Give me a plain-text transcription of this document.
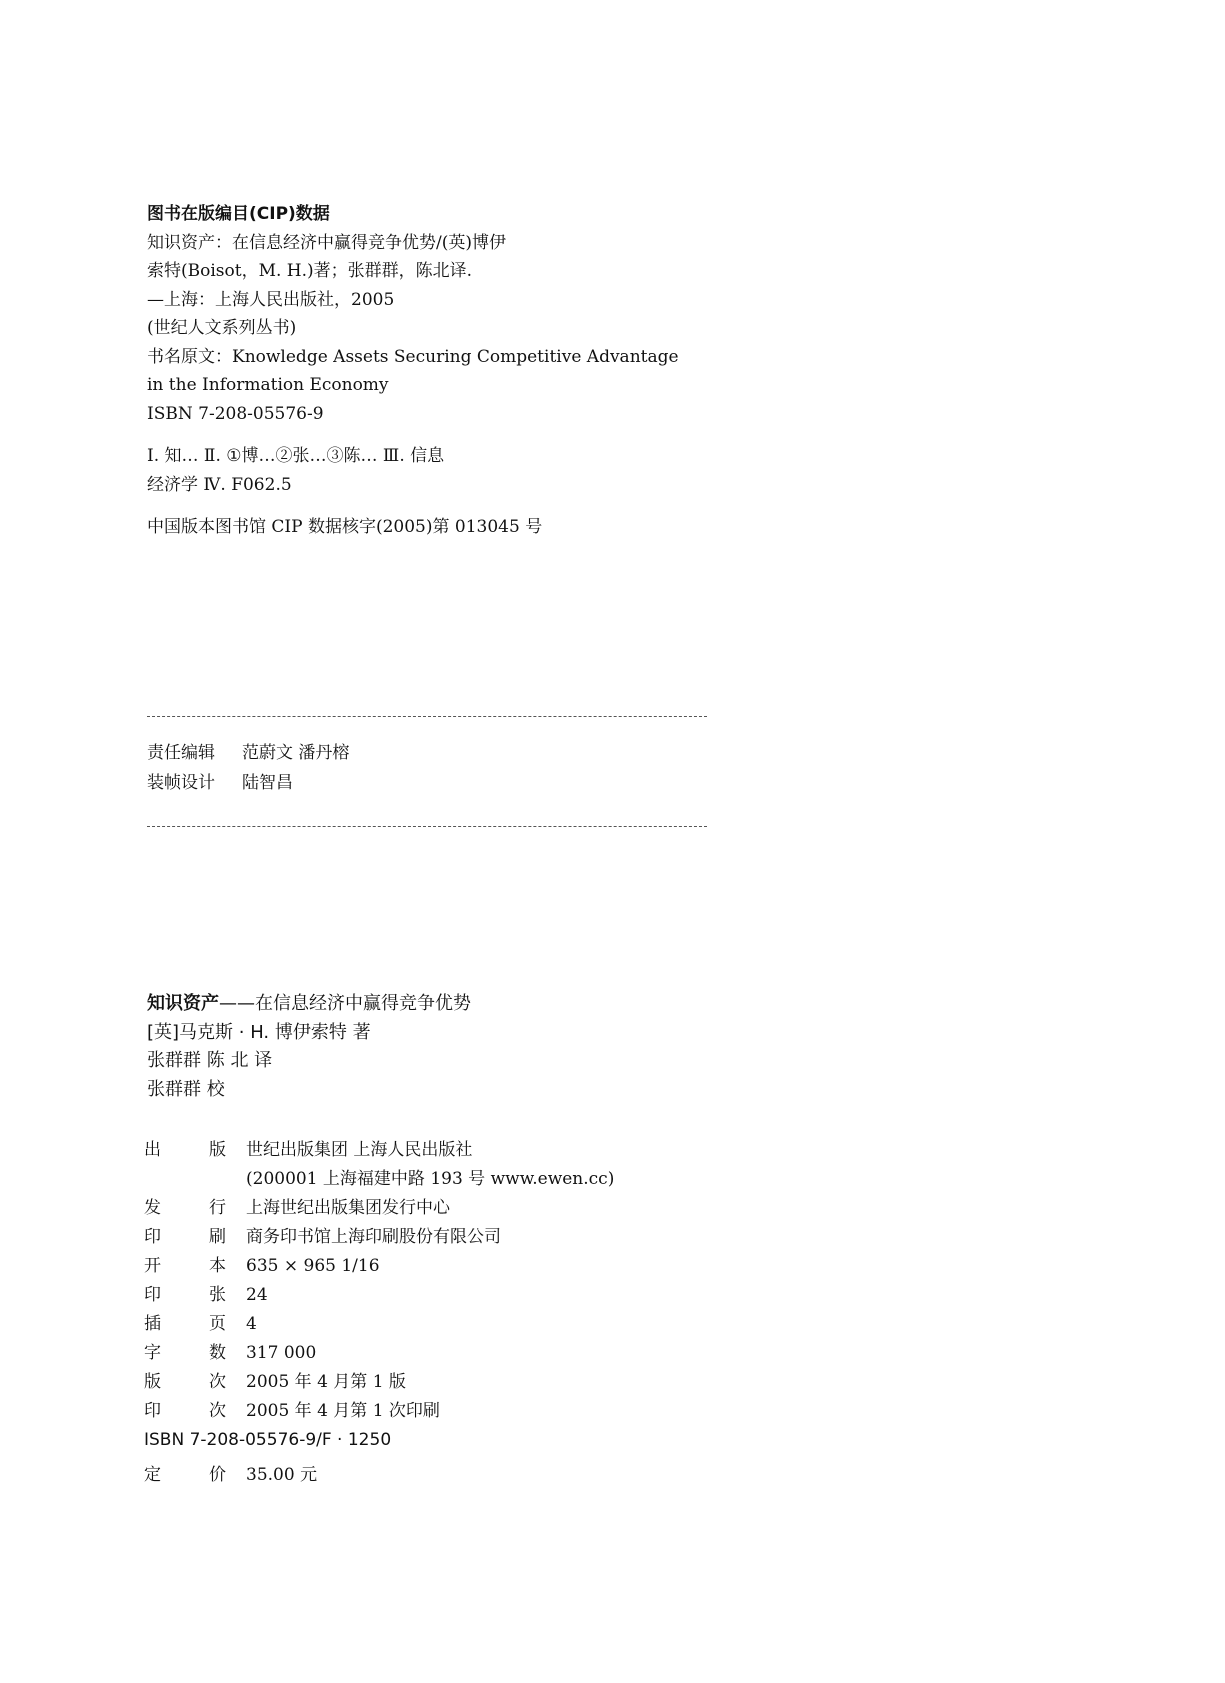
图书在版编目(CIP)数据
知识资产：在信息经济中赢得竞争优势/(英)博伊
索特(Boisot，M. H.)著；张群群，陈北译.
—上海：上海人民出版社，2005
(世纪人文系列丛书)
书名原文：Knowledge Assets Securing Competitive Advantage
in the Information Economy
ISBN 7-208-05576-9
Ⅰ. 知… Ⅱ. ①博…②张…③陈… Ⅲ. 信息
经济学 Ⅳ. F062.5
中国版本图书馆 CIP 数据核字(2005)第 013045 号
责任编辑 范蔚文 潘丹榕
装帧设计 陆智昌
知识资产——在信息经济中赢得竞争优势
[英]马克斯 · H. 博伊索特 著
张群群 陈 北 译
张群群 校
出	版	世纪出版集团 上海人民出版社
(200001 上海福建中路 193 号 www.ewen.cc)
发	行	上海世纪出版集团发行中心
印	刷	商务印书馆上海印刷股份有限公司
开	本	635 × 965 1/16
印	张	24
插	页	4
字	数	317 000
版	次	2005 年 4 月第 1 版
印	次	2005 年 4 月第 1 次印刷
ISBN 7-208-05576-9/F · 1250
定	价	35.00 元
